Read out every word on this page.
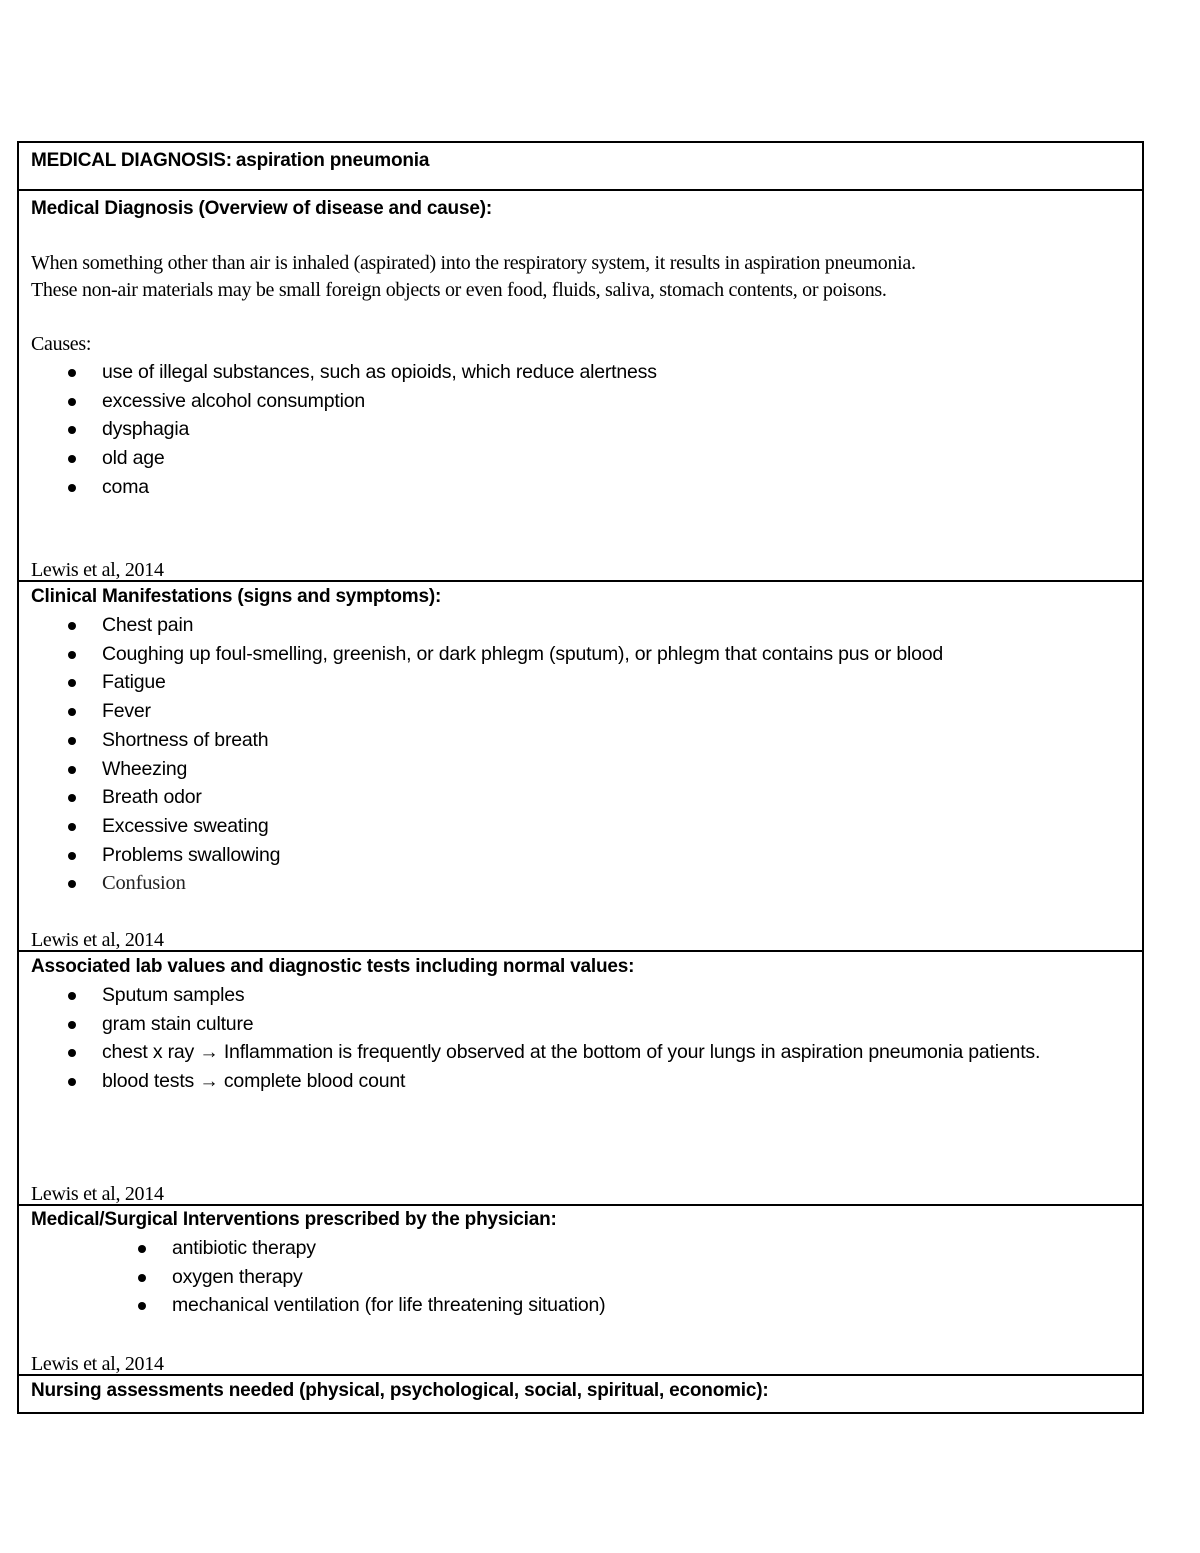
MEDICAL DIAGNOSIS: aspiration pneumonia
Medical Diagnosis (Overview of disease and cause):
When something other than air is inhaled (aspirated) into the respiratory system, it results in aspiration pneumonia.
These non-air materials may be small foreign objects or even food, fluids, saliva, stomach contents, or poisons.
Causes:
use of illegal substances, such as opioids, which reduce alertness
excessive alcohol consumption
dysphagia
old age
coma
Lewis et al, 2014
Clinical Manifestations (signs and symptoms):
Chest pain
Coughing up foul-smelling, greenish, or dark phlegm (sputum), or phlegm that contains pus or blood
Fatigue
Fever
Shortness of breath
Wheezing
Breath odor
Excessive sweating
Problems swallowing
Confusion
Lewis et al, 2014
Associated lab values and diagnostic tests including normal values:
Sputum samples
gram stain culture
chest x ray → Inflammation is frequently observed at the bottom of your lungs in aspiration pneumonia patients.
blood tests → complete blood count
Lewis et al, 2014
Medical/Surgical Interventions prescribed by the physician:
antibiotic therapy
oxygen therapy
mechanical ventilation (for life threatening situation)
Lewis et al, 2014
Nursing assessments needed (physical, psychological, social, spiritual, economic):
